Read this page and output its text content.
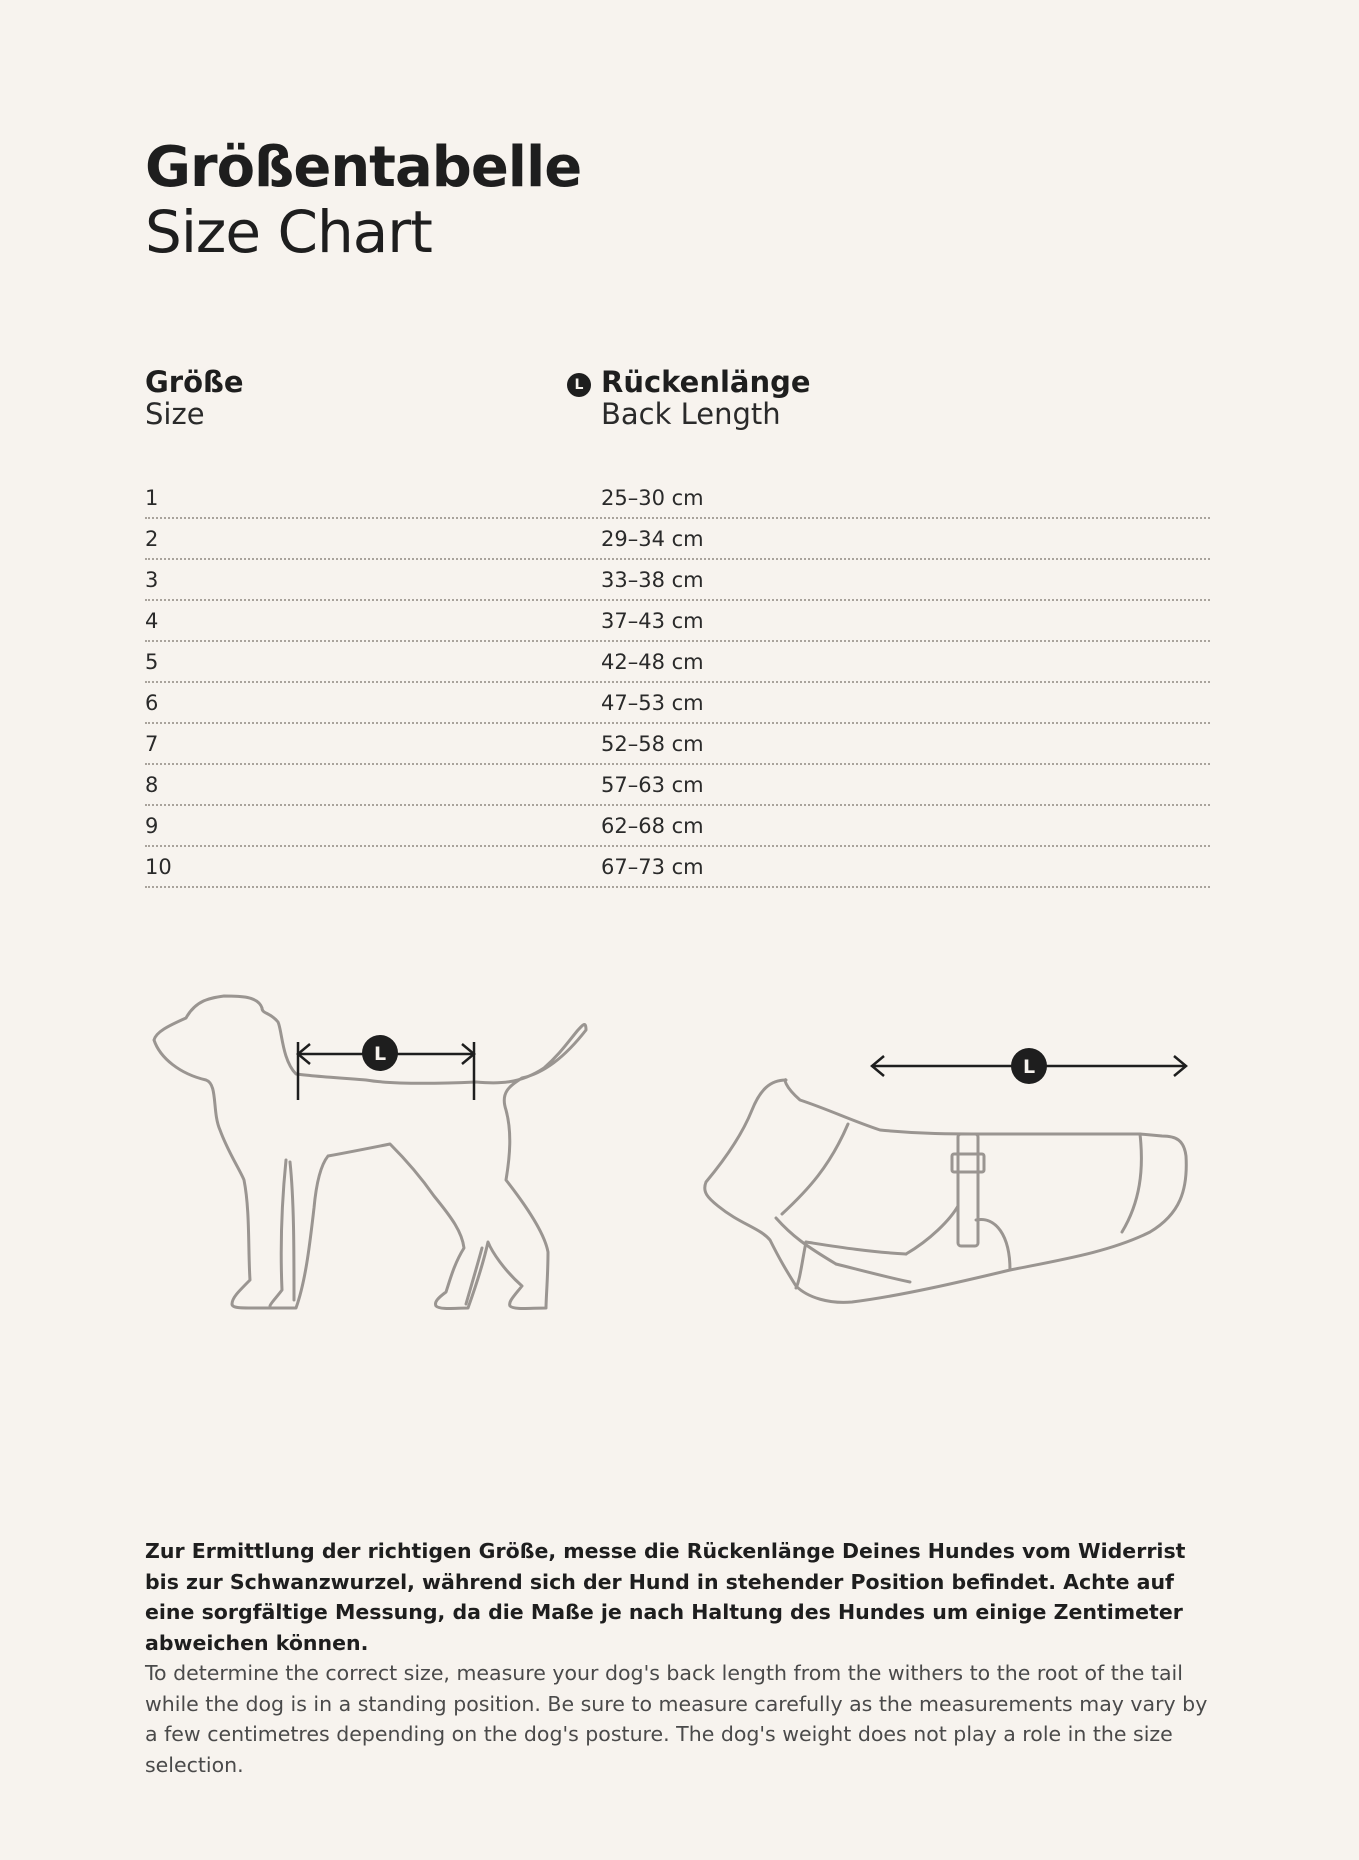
Größentabelle
Size Chart
Größe
Size
L Rückenlänge
Back Length
1	25–30 cm
2	29–34 cm
3	33–38 cm
4	37–43 cm
5	42–48 cm
6	47–53 cm
7	52–58 cm
8	57–63 cm
9	62–68 cm
10	67–73 cm
L
L

Zur Ermittlung der richtigen Größe, messe die Rückenlänge Deines Hundes vom Widerrist bis zur Schwanzwurzel, während sich der Hund in stehender Position befindet. Achte auf eine sorgfältige Messung, da die Maße je nach Haltung des Hundes um einige Zentimeter abweichen können.

To determine the correct size, measure your dog's back length from the withers to the root of the tail while the dog is in a standing position. Be sure to measure carefully as the measurements may vary by a few centimetres depending on the dog's posture. The dog's weight does not play a role in the size selection.
